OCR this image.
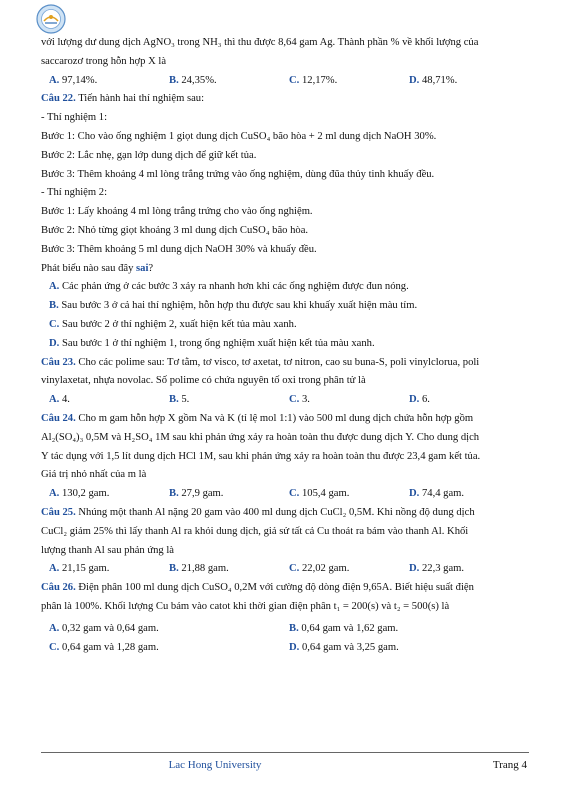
với lượng dư dung dịch AgNO₃ trong NH₃ thì thu được 8,64 gam Ag. Thành phần % về khối lượng của
saccarozơ trong hỗn hợp X là
A. 97,14%.	B. 24,35%.	C. 12,17%.	D. 48,71%.
Câu 22. Tiến hành hai thí nghiệm sau:
- Thí nghiệm 1:
Bước 1: Cho vào ống nghiệm 1 giọt dung dịch CuSO₄ bão hòa + 2 ml dung dịch NaOH 30%.
Bước 2: Lắc nhẹ, gạn lớp dung dịch để giữ kết tủa.
Bước 3: Thêm khoảng 4 ml lòng trắng trứng vào ống nghiệm, dùng đũa thủy tinh khuấy đều.
- Thí nghiệm 2:
Bước 1: Lấy khoảng 4 ml lòng trắng trứng cho vào ống nghiệm.
Bước 2: Nhỏ từng giọt khoảng 3 ml dung dịch CuSO₄ bão hòa.
Bước 3: Thêm khoảng 5 ml dung dịch NaOH 30% và khuấy đều.
Phát biểu nào sau đây sai?
A. Các phản ứng ở các bước 3 xảy ra nhanh hơn khi các ống nghiệm được đun nóng.
B. Sau bước 3 ở cả hai thí nghiệm, hỗn hợp thu được sau khi khuấy xuất hiện màu tím.
C. Sau bước 2 ở thí nghiệm 2, xuất hiện kết tủa màu xanh.
D. Sau bước 1 ở thí nghiệm 1, trong ống nghiệm xuất hiện kết tủa màu xanh.
Câu 23. Cho các polime sau: Tơ tằm, tơ visco, tơ axetat, tơ nitron, cao su buna-S, poli vinylclorua, poli
vinylaxetat, nhựa novolac. Số polime có chứa nguyên tố oxi trong phân tử là
A. 4.	B. 5.	C. 3.	D. 6.
Câu 24. Cho m gam hỗn hợp X gồm Na và K (tỉ lệ mol 1:1) vào 500 ml dung dịch chứa hỗn hợp gồm
Al₂(SO₄)₃ 0,5M và H₂SO₄ 1M sau khi phản ứng xảy ra hoàn toàn thu được dung dịch Y. Cho dung dịch
Y tác dụng với 1,5 lít dung dịch HCl 1M, sau khi phản ứng xảy ra hoàn toàn thu được 23,4 gam kết tủa.
Giá trị nhỏ nhất của m là
A. 130,2 gam.	B. 27,9 gam.	C. 105,4 gam.	D. 74,4 gam.
Câu 25. Nhúng một thanh Al nặng 20 gam vào 400 ml dung dịch CuCl₂ 0,5M. Khi nồng độ dung dịch
CuCl₂ giảm 25% thì lấy thanh Al ra khỏi dung dịch, giả sử tất cả Cu thoát ra bám vào thanh Al. Khối
lượng thanh Al sau phản ứng là
A. 21,15 gam.	B. 21,88 gam.	C. 22,02 gam.	D. 22,3 gam.
Câu 26. Điện phân 100 ml dung dịch CuSO₄ 0,2M với cường độ dòng điện 9,65A. Biết hiệu suất điện
phân là 100%. Khối lượng Cu bám vào catot khi thời gian điện phân t₁ = 200(s) và t₂ = 500(s) là
A. 0,32 gam và 0,64 gam.	B. 0,64 gam và 1,62 gam.
C. 0,64 gam và 1,28 gam.	D. 0,64 gam và 3,25 gam.
Lac Hong University	Trang 4
